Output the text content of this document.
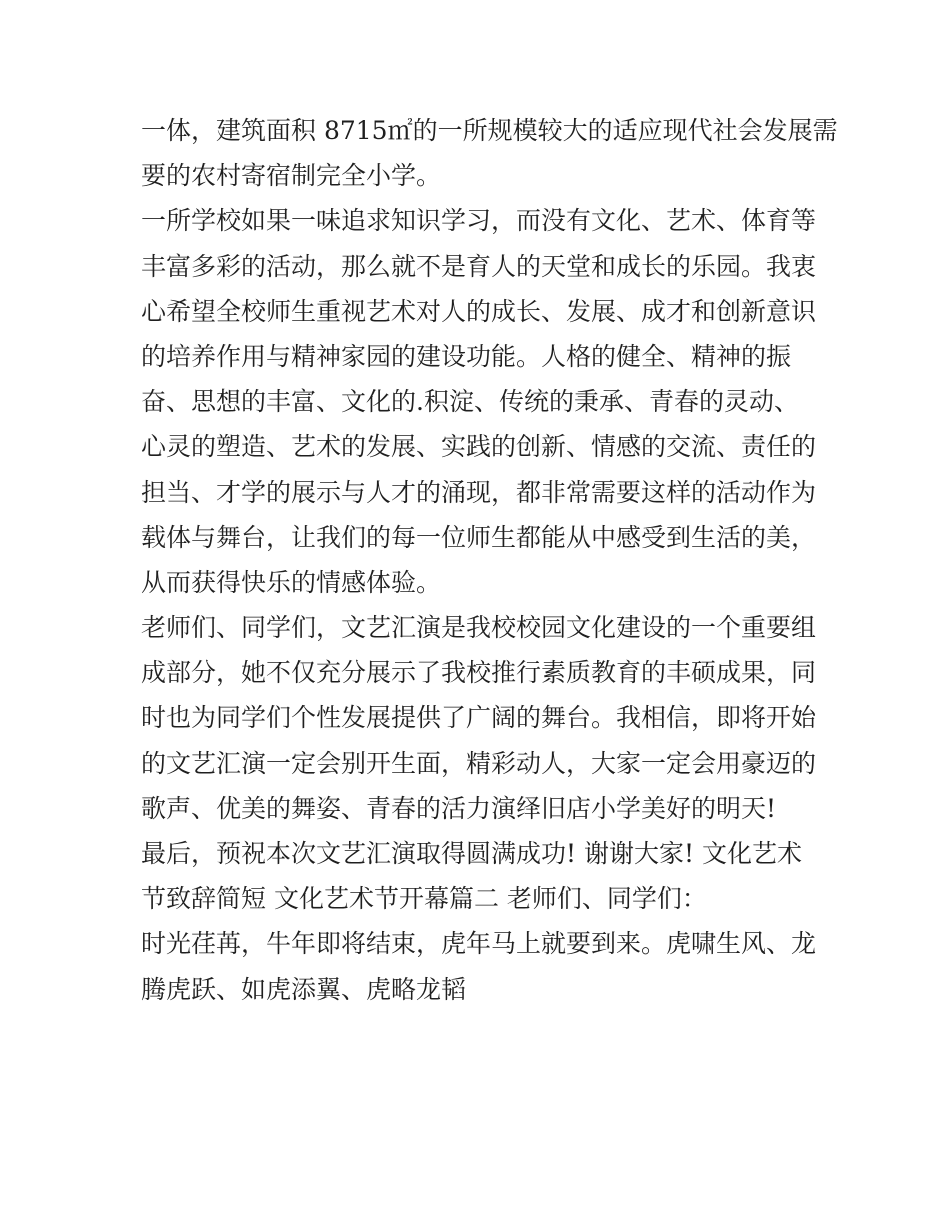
一体，建筑面积 8715㎡的一所规模较大的适应现代社会发展需
要的农村寄宿制完全小学。
一所学校如果一味追求知识学习，而没有文化、艺术、体育等
丰富多彩的活动，那么就不是育人的天堂和成长的乐园。我衷
心希望全校师生重视艺术对人的成长、发展、成才和创新意识
的培养作用与精神家园的建设功能。人格的健全、精神的振
奋、思想的丰富、文化的.积淀、传统的秉承、青春的灵动、
心灵的塑造、艺术的发展、实践的创新、情感的交流、责任的
担当、才学的展示与人才的涌现，都非常需要这样的活动作为
载体与舞台，让我们的每一位师生都能从中感受到生活的美，
从而获得快乐的情感体验。
老师们、同学们，文艺汇演是我校校园文化建设的一个重要组
成部分，她不仅充分展示了我校推行素质教育的丰硕成果，同
时也为同学们个性发展提供了广阔的舞台。我相信，即将开始
的文艺汇演一定会别开生面，精彩动人，大家一定会用豪迈的
歌声、优美的舞姿、青春的活力演绎旧店小学美好的明天!
最后，预祝本次文艺汇演取得圆满成功! 谢谢大家! 文化艺术
节致辞简短 文化艺术节开幕篇二 老师们、同学们：
时光荏苒，牛年即将结束，虎年马上就要到来。虎啸生风、龙
腾虎跃、如虎添翼、虎略龙韬
